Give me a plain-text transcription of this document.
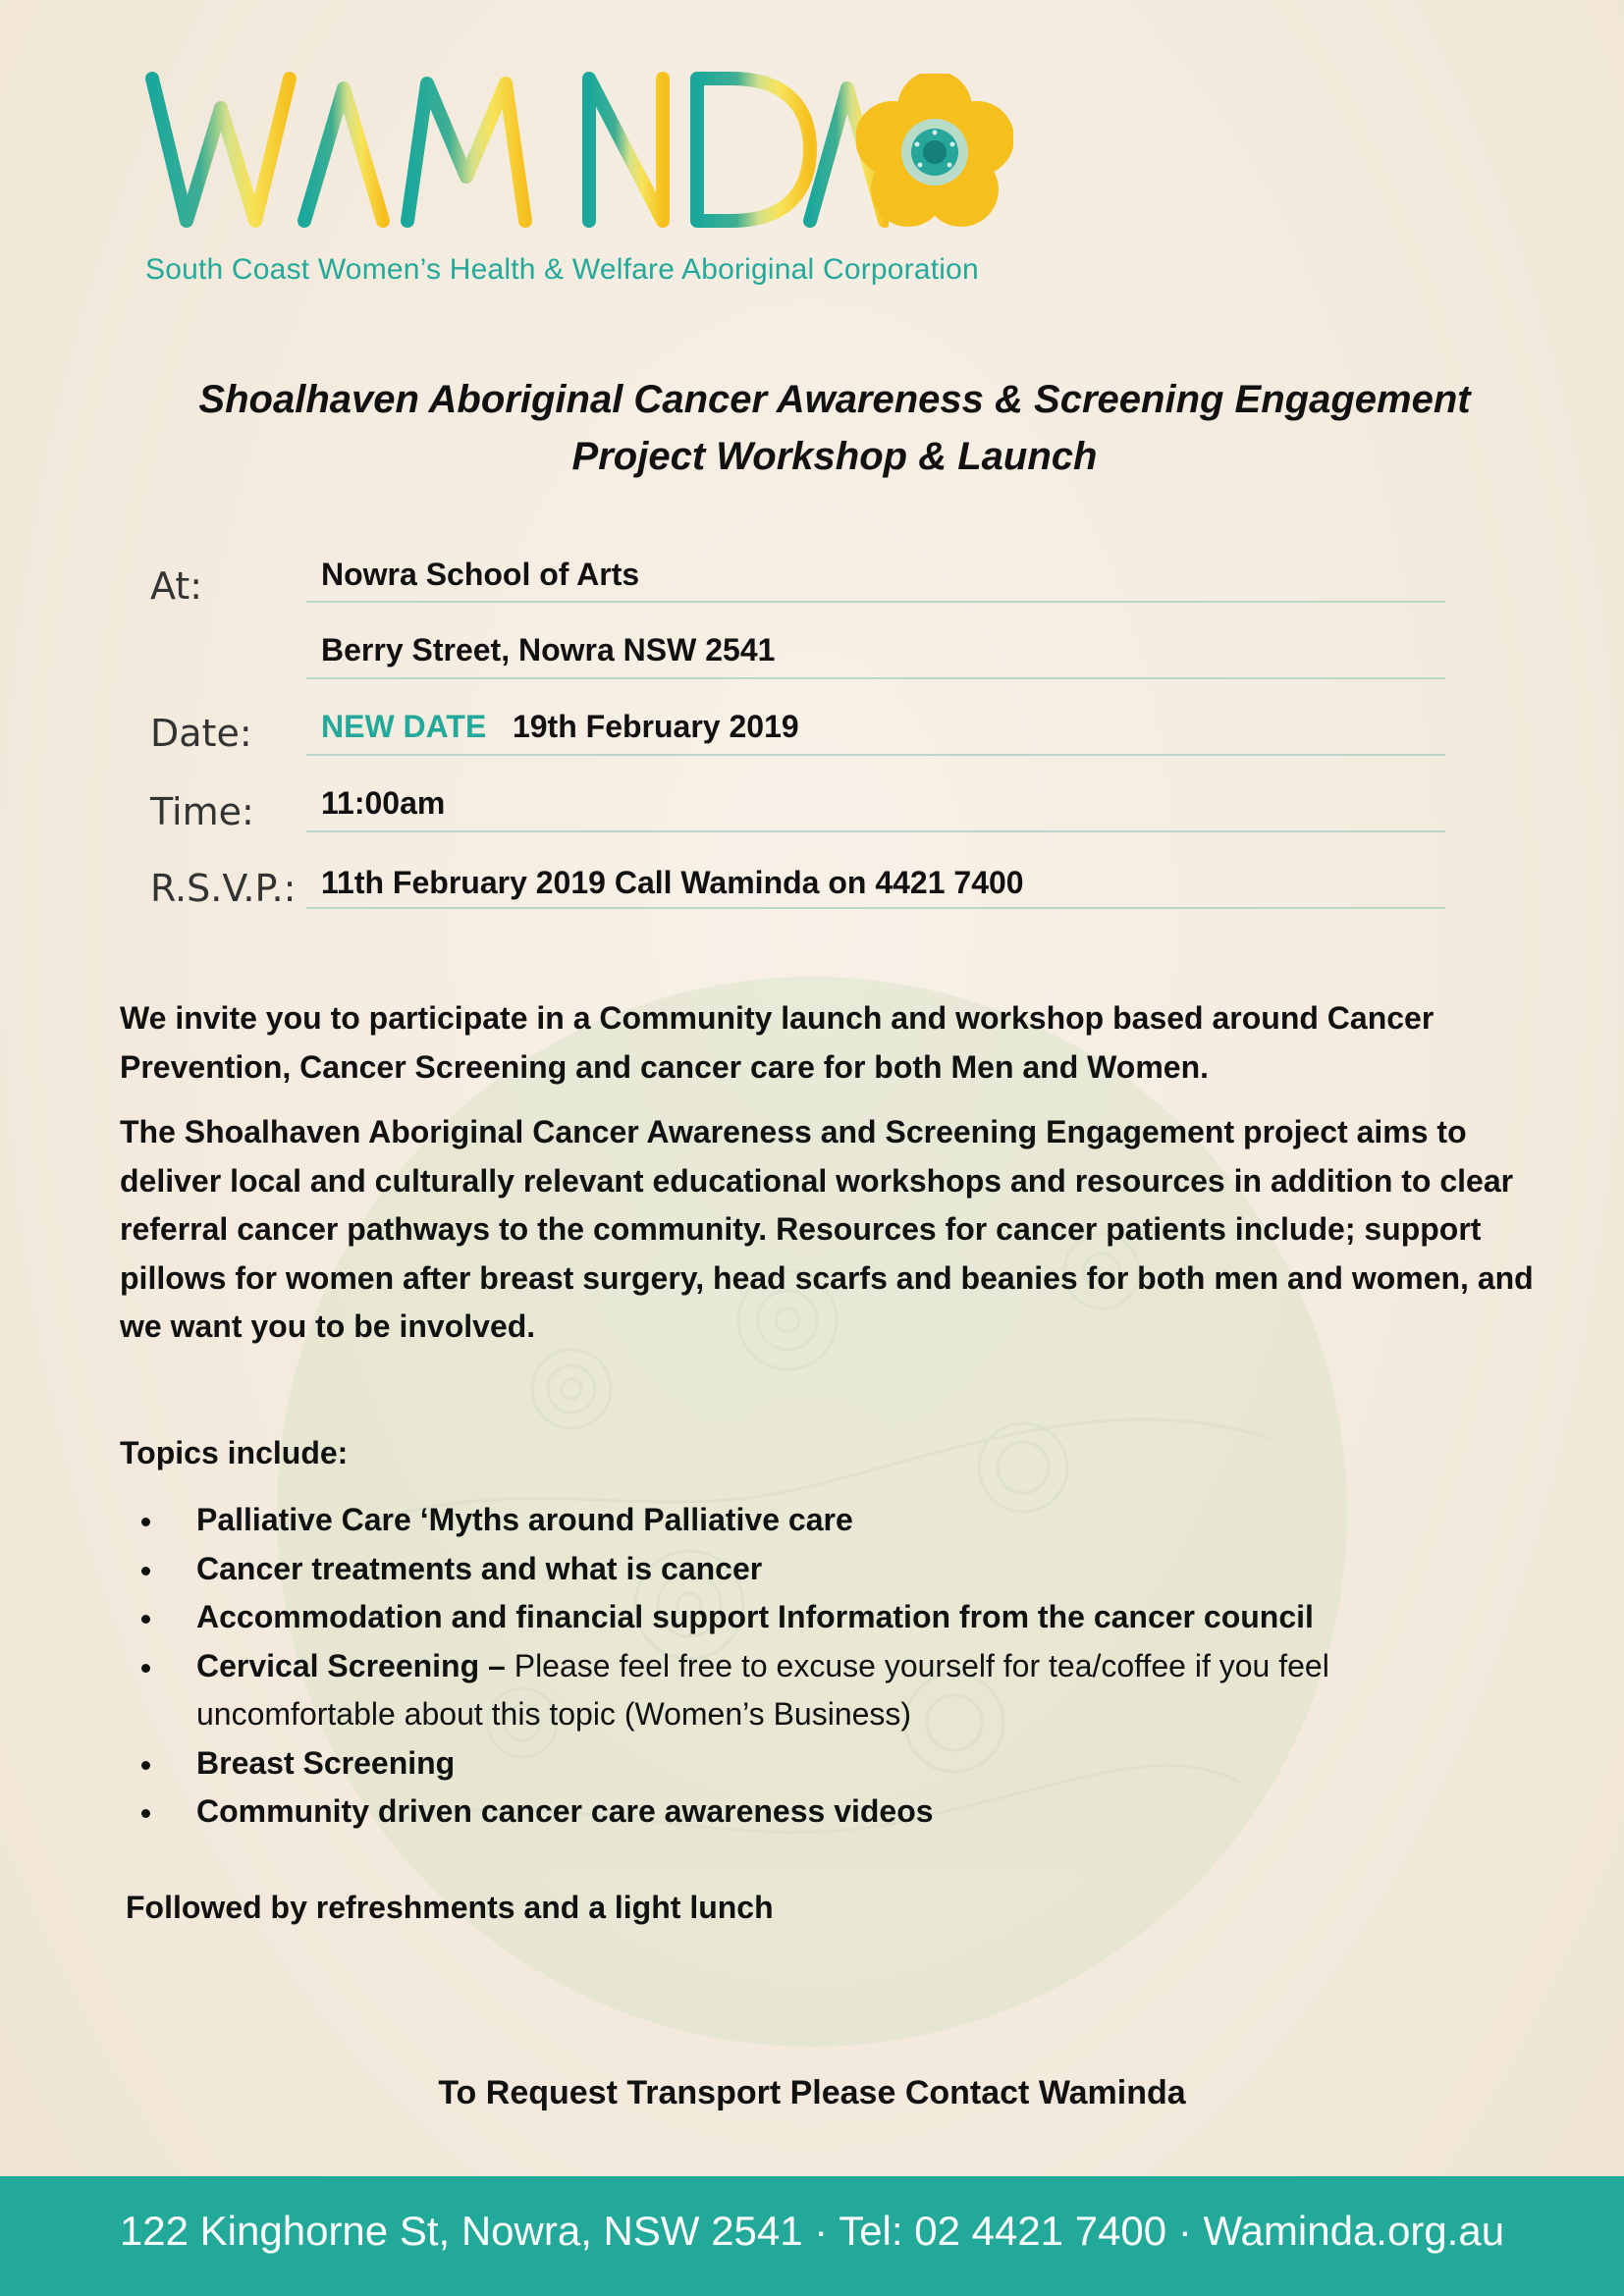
South Coast Women’s Health & Welfare Aboriginal Corporation
Shoalhaven Aboriginal Cancer Awareness & Screening Engagement
Project Workshop & Launch
At:	Nowra School of Arts
Berry Street, Nowra NSW 2541
Date: NEW DATE 19th February 2019
Time: 11:00am
R.S.V.P.: 11th February 2019 Call Waminda on 4421 7400
We invite you to participate in a Community launch and workshop based around Cancer Prevention, Cancer Screening and cancer care for both Men and Women.
The Shoalhaven Aboriginal Cancer Awareness and Screening Engagement project aims to deliver local and culturally relevant educational workshops and resources in addition to clear referral cancer pathways to the community. Resources for cancer patients include; support pillows for women after breast surgery, head scarfs and beanies for both men and women, and we want you to be involved.
Topics include:
Palliative Care ‘Myths around Palliative care
Cancer treatments and what is cancer
Accommodation and financial support Information from the cancer council
Cervical Screening – Please feel free to excuse yourself for tea/coffee if you feel uncomfortable about this topic (Women’s Business)
Breast Screening
Community driven cancer care awareness videos
Followed by refreshments and a light lunch
To Request Transport Please Contact Waminda
122 Kinghorne St, Nowra, NSW 2541 · Tel: 02 4421 7400 · Waminda.org.au
